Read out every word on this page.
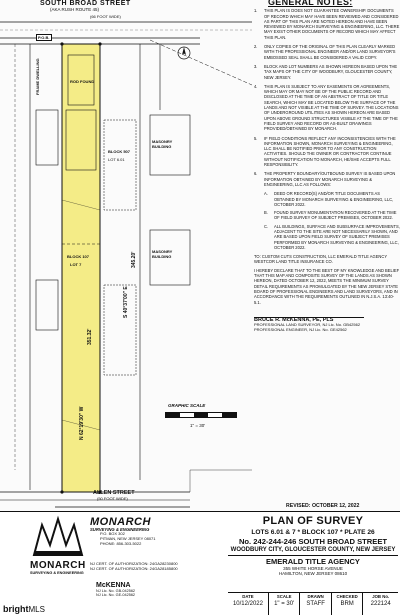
SOUTH BROAD STREET
(AKA RUSH ROUTE 45)
(66 FOOT WIDE)
P.O.B.
FRAME DWELLING	ROD FOUND
BLOCK 507
LOT 6.01
BLOCK 107
LOT 7
N 62°19'30" W
351.32'
S 40°37'00" E
345.20'
MASONRY BUILDING
MASONRY BUILDING
GRAPHIC SCALE
1" = 30'
ALLEN STREET
(50 FOOT WIDE)
GENERAL NOTES:
1. THIS PLAN IS DOES NOT GUARANTEE OWNERSHIP. DOCUMENTS OF RECORD WHICH MAY HAVE BEEN REVIEWED AND CONSIDERED AS PART OF THIS PLAN ARE NOTED HEREON AND HAVE BEEN REVIEWED BY MONARCH SURVEYING & ENGINEERING, LLC. THERE MAY EXIST OTHER DOCUMENTS OF RECORD WHICH MAY AFFECT THIS PLAN.
2. ONLY COPIES OF THE ORIGINAL OF THIS PLAN CLEARLY MARKED WITH THE PROFESSIONAL ENGINEER AND/OR LAND SURVEYOR'S EMBOSSED SEAL SHALL BE CONSIDERED A VALID COPY.
3. BLOCK AND LOT NUMBERS AS SHOWN HEREON BASED UPON THE TAX MAPS OF THE CITY OF WOODBURY, GLOUCESTER COUNTY, NEW JERSEY.
4. THIS PLAN IS SUBJECT TO ANY EASEMENTS OR AGREEMENTS, WHICH MAY OR MAY NOT BE OF THE PUBLIC RECORD AND DISCLOSED AT THE TIME OF AN ABSTRACT OF TITLE OR TITLE SEARCH, WHICH MAY BE LOCATED BELOW THE SURFACE OF THE LANDS AND NOT VISIBLE AT THE TIME OF SURVEY. THE LOCATIONS OF UNDERGROUND UTILITIES AS SHOWN HEREON ARE BASED UPON ABOVE GROUND STRUCTURES VISIBLE AT THE TIME OF THE FIELD SURVEY AND RECORD OR AS-BUILT DRAWINGS PROVIDED/OBTAINED BY MONARCH.
5. IF FIELD CONDITIONS REFLECT ANY INCONSISTENCIES WITH THE INFORMATION SHOWN, MONARCH SURVEYING & ENGINEERING, LLC SHALL BE NOTIFIED PRIOR TO ANY CONSTRUCTION ACTIVITIES. SHOULD THE OWNER OR CONTRACTOR CONTINUE WITHOUT NOTIFICATION TO MONARCH, HE/SHE ACCEPTS FULL RESPONSIBILITY.
6. THE PROPERTY BOUNDARY/OUTBOUND SURVEY IS BASED UPON INFORMATION OBTAINED BY MONARCH SURVEYING & ENGINEERING, LLC AS FOLLOWS:
A. DEED OR RECORD(S) AND/OR TITLE DOCUMENTS AS OBTAINED BY MONARCH SURVEYING & ENGINEERING, LLC, OCTOBER 2022.
B. FOUND SURVEY MONUMENTATION RECOVERED AT THE TIME OF FIELD SURVEY OF SUBJECT PREMISES, OCTOBER 2022.
C. ALL BUILDINGS, SURFACE AND SUBSURFACE IMPROVEMENTS, ADJACENT TO THE SITE ARE NOT NECESSARILY SHOWN, AND ARE BASED UPON FIELD SURVEY OF SUBJECT PREMISES PERFORMED BY MONARCH SURVEYING & ENGINEERING, LLC, OCTOBER 2022.
TO: CUSTOM CUTS CONSTRUCTION, LLC EMERALD TITLE AGENCY WESTCOR LAND TITLE INSURANCE CO.
I HEREBY DECLARE THAT TO THE BEST OF MY KNOWLEDGE AND BELIEF THAT THIS MAP AND COMPOSITE SURVEY OF THE LANDS AS SHOWN HEREON, DATED OCTOBER 12, 2022, MEETS THE MINIMUM SURVEY DETAIL REQUIREMENTS AS PROMULGATED BY THE NEW JERSEY STATE BOARD OF PROFESSIONAL ENGINEERS AND LAND SURVEYORS, AND IN ACCORDANCE WITH THE REQUIREMENTS OUTLINED IN N.J.S.A. 13:40-5.1.
BRUCE R. McKENNA, PE, PLS
PROFESSIONAL LAND SURVEYOR, NJ Lic. No. GB42562
PROFESSIONAL ENGINEER, NJ Lic. No. GE42562
REVISED: OCTOBER 12, 2022
MONARCH
SURVEYING & ENGINEERING
MONARCH
SURVEYING & ENGINEERING
P.O. BOX 302
PITMAN, NEW JERSEY 08071
PHONE: 856-303-5022
NJ CERT. OF AUTHORIZATION: 24GA28230800
NJ CERT. OF AUTHORIZATION: 24GA28185800
McKENNA
NJ Lic. No. GB-042562
NJ Lic. No. GE-042562
brightMLS
PLAN OF SURVEY
LOTS 6.01 & 7 * BLOCK 107 * PLATE 26
No. 242-244-246 SOUTH BROAD STREET
WOODBURY CITY, GLOUCESTER COUNTY, NEW JERSEY
EMERALD TITLE AGENCY
355 WHITE HORSE AVENUE
HAMILTON, NEW JERSEY 08610
DATE
10/12/2022
SCALE
1" = 30'
DRAWN
STAFF
CHECKED
BRM
JOB No.
222124
